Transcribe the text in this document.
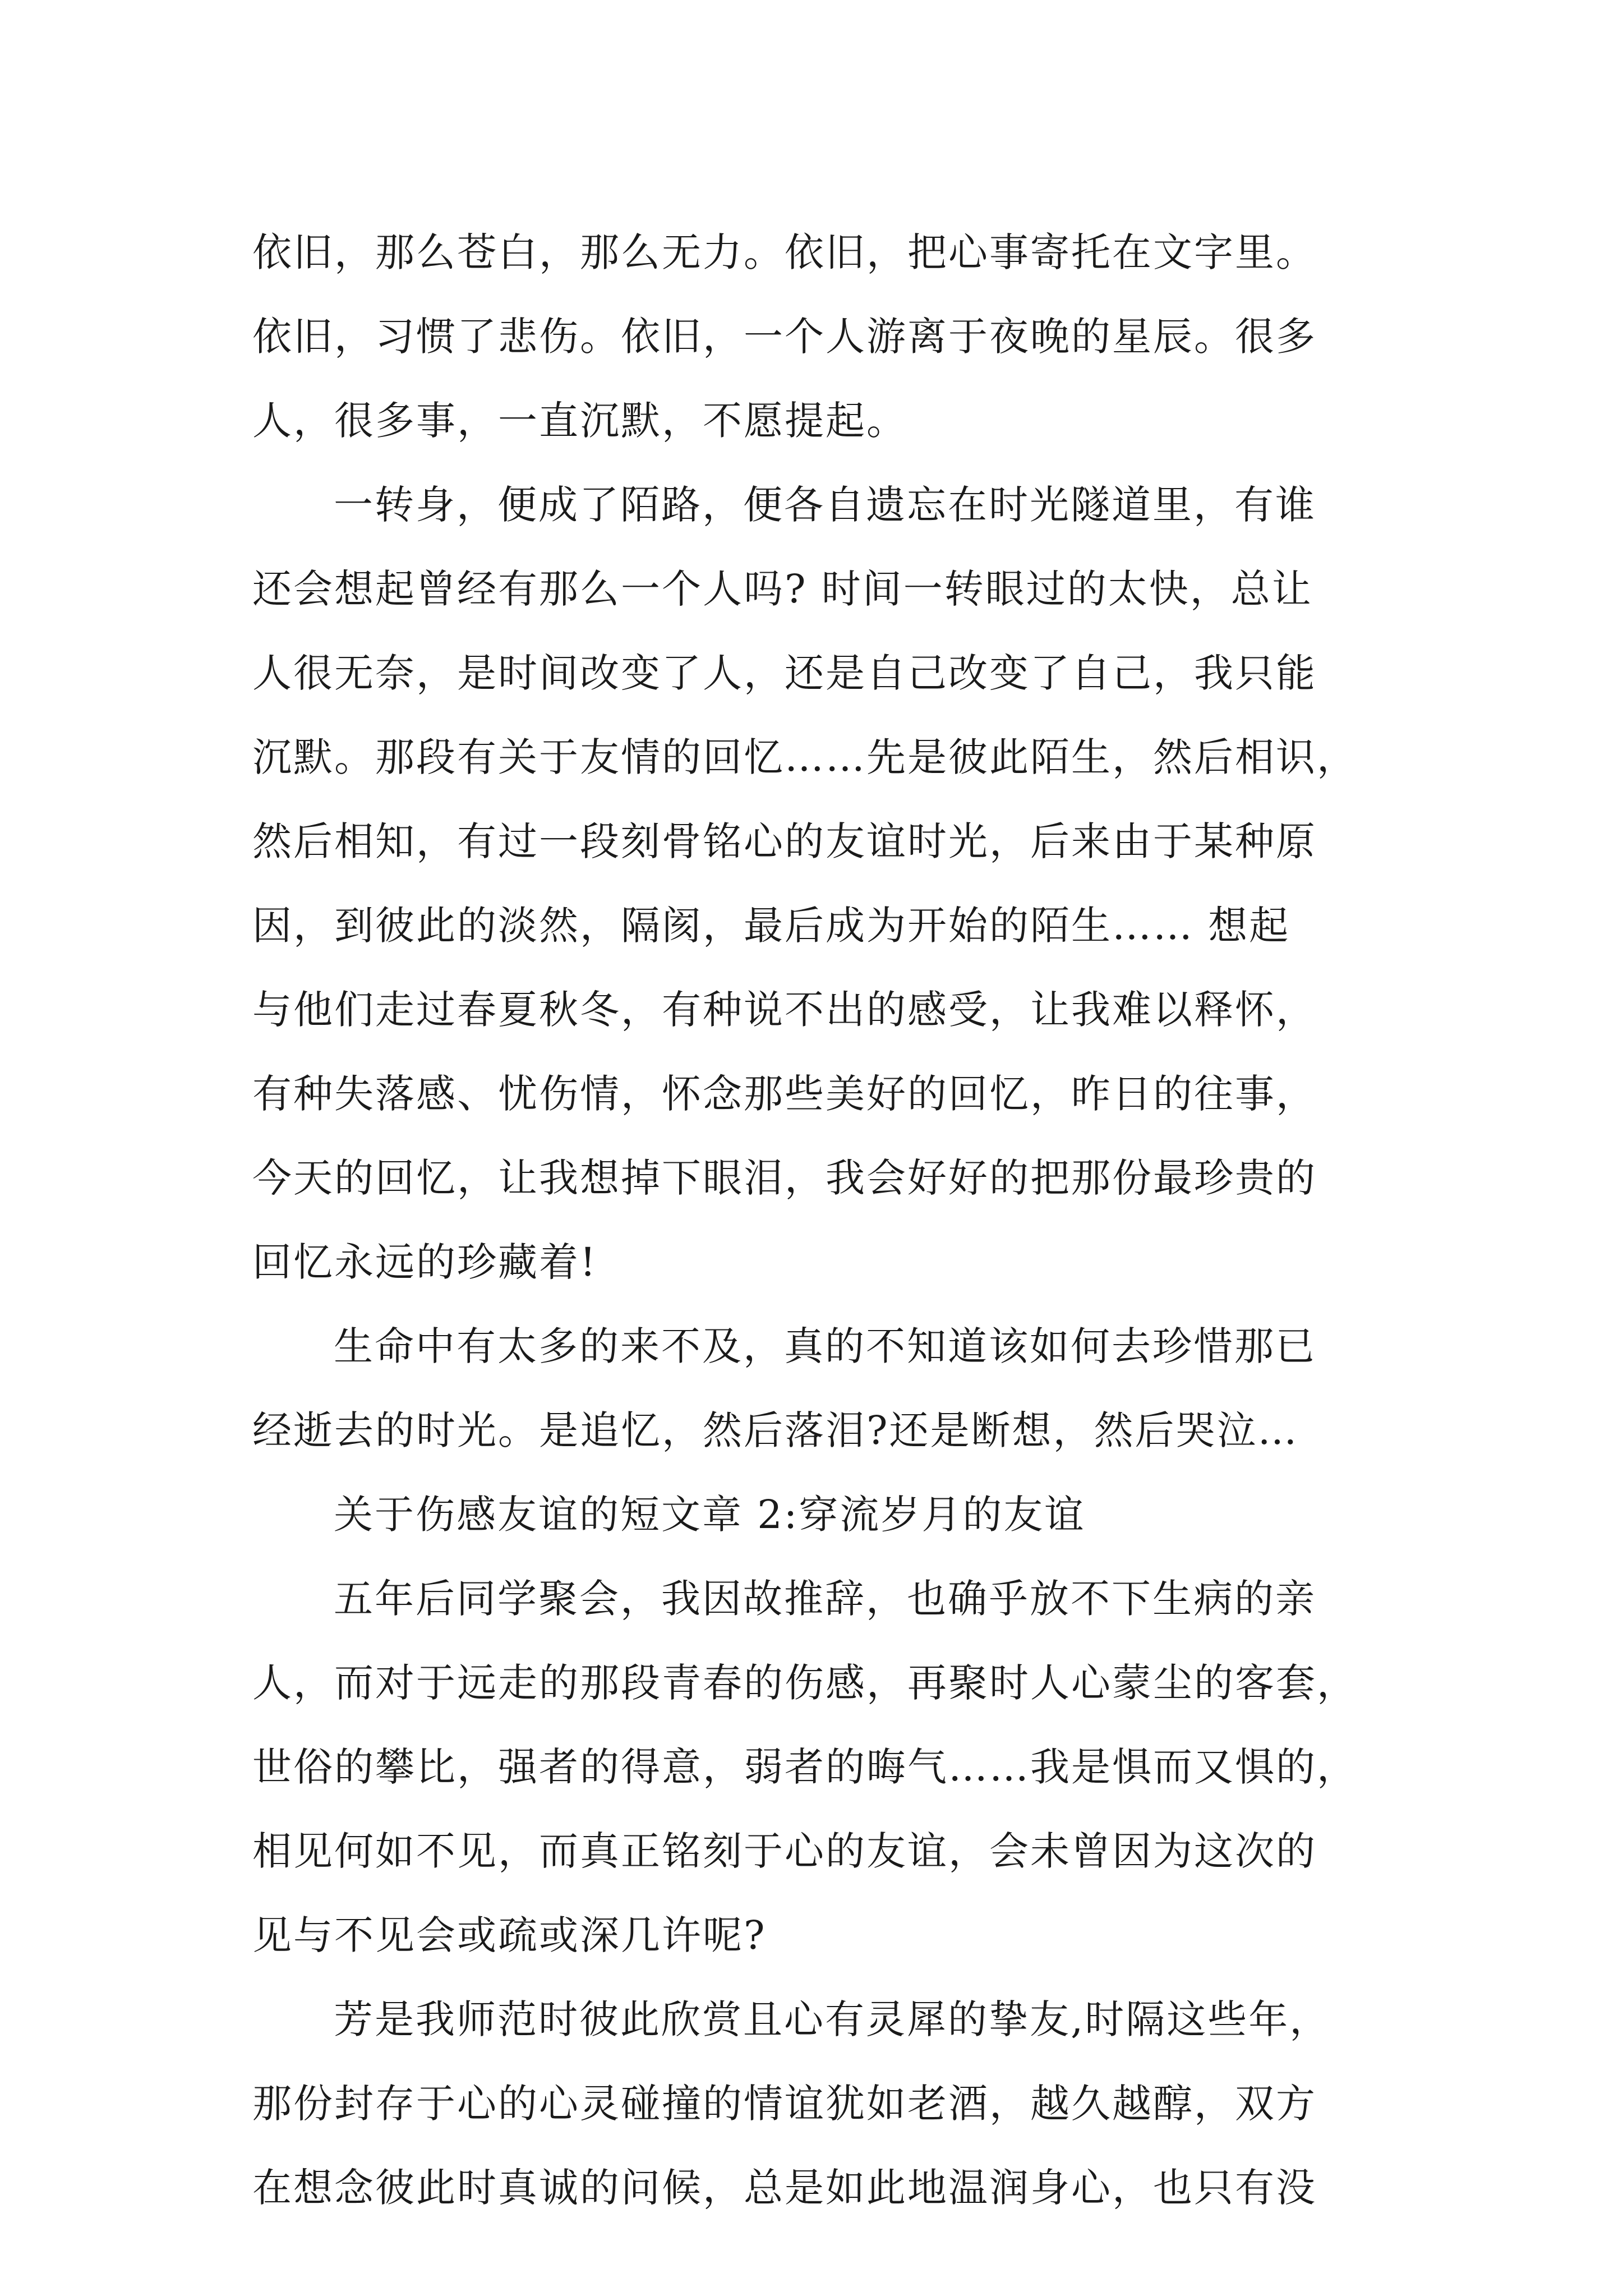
依旧，那么苍白，那么无力。依旧，把心事寄托在文字里。
依旧，习惯了悲伤。依旧，一个人游离于夜晚的星辰。很多
人，很多事，一直沉默，不愿提起。
一转身，便成了陌路，便各自遗忘在时光隧道里，有谁
还会想起曾经有那么一个人吗? 时间一转眼过的太快，总让
人很无奈，是时间改变了人，还是自己改变了自己，我只能
沉默。那段有关于友情的回忆……先是彼此陌生，然后相识，
然后相知，有过一段刻骨铭心的友谊时光，后来由于某种原
因，到彼此的淡然，隔阂，最后成为开始的陌生…… 想起
与他们走过春夏秋冬，有种说不出的感受，让我难以释怀，
有种失落感、忧伤情，怀念那些美好的回忆，昨日的往事，
今天的回忆，让我想掉下眼泪，我会好好的把那份最珍贵的
回忆永远的珍藏着!
生命中有太多的来不及，真的不知道该如何去珍惜那已
经逝去的时光。是追忆，然后落泪?还是断想，然后哭泣…
关于伤感友谊的短文章 2:穿流岁月的友谊
五年后同学聚会，我因故推辞，也确乎放不下生病的亲
人，而对于远走的那段青春的伤感，再聚时人心蒙尘的客套，
世俗的攀比，强者的得意，弱者的晦气……我是惧而又惧的，
相见何如不见，而真正铭刻于心的友谊，会未曾因为这次的
见与不见会或疏或深几许呢?
芳是我师范时彼此欣赏且心有灵犀的挚友,时隔这些年，
那份封存于心的心灵碰撞的情谊犹如老酒，越久越醇，双方
在想念彼此时真诚的问候，总是如此地温润身心，也只有没
